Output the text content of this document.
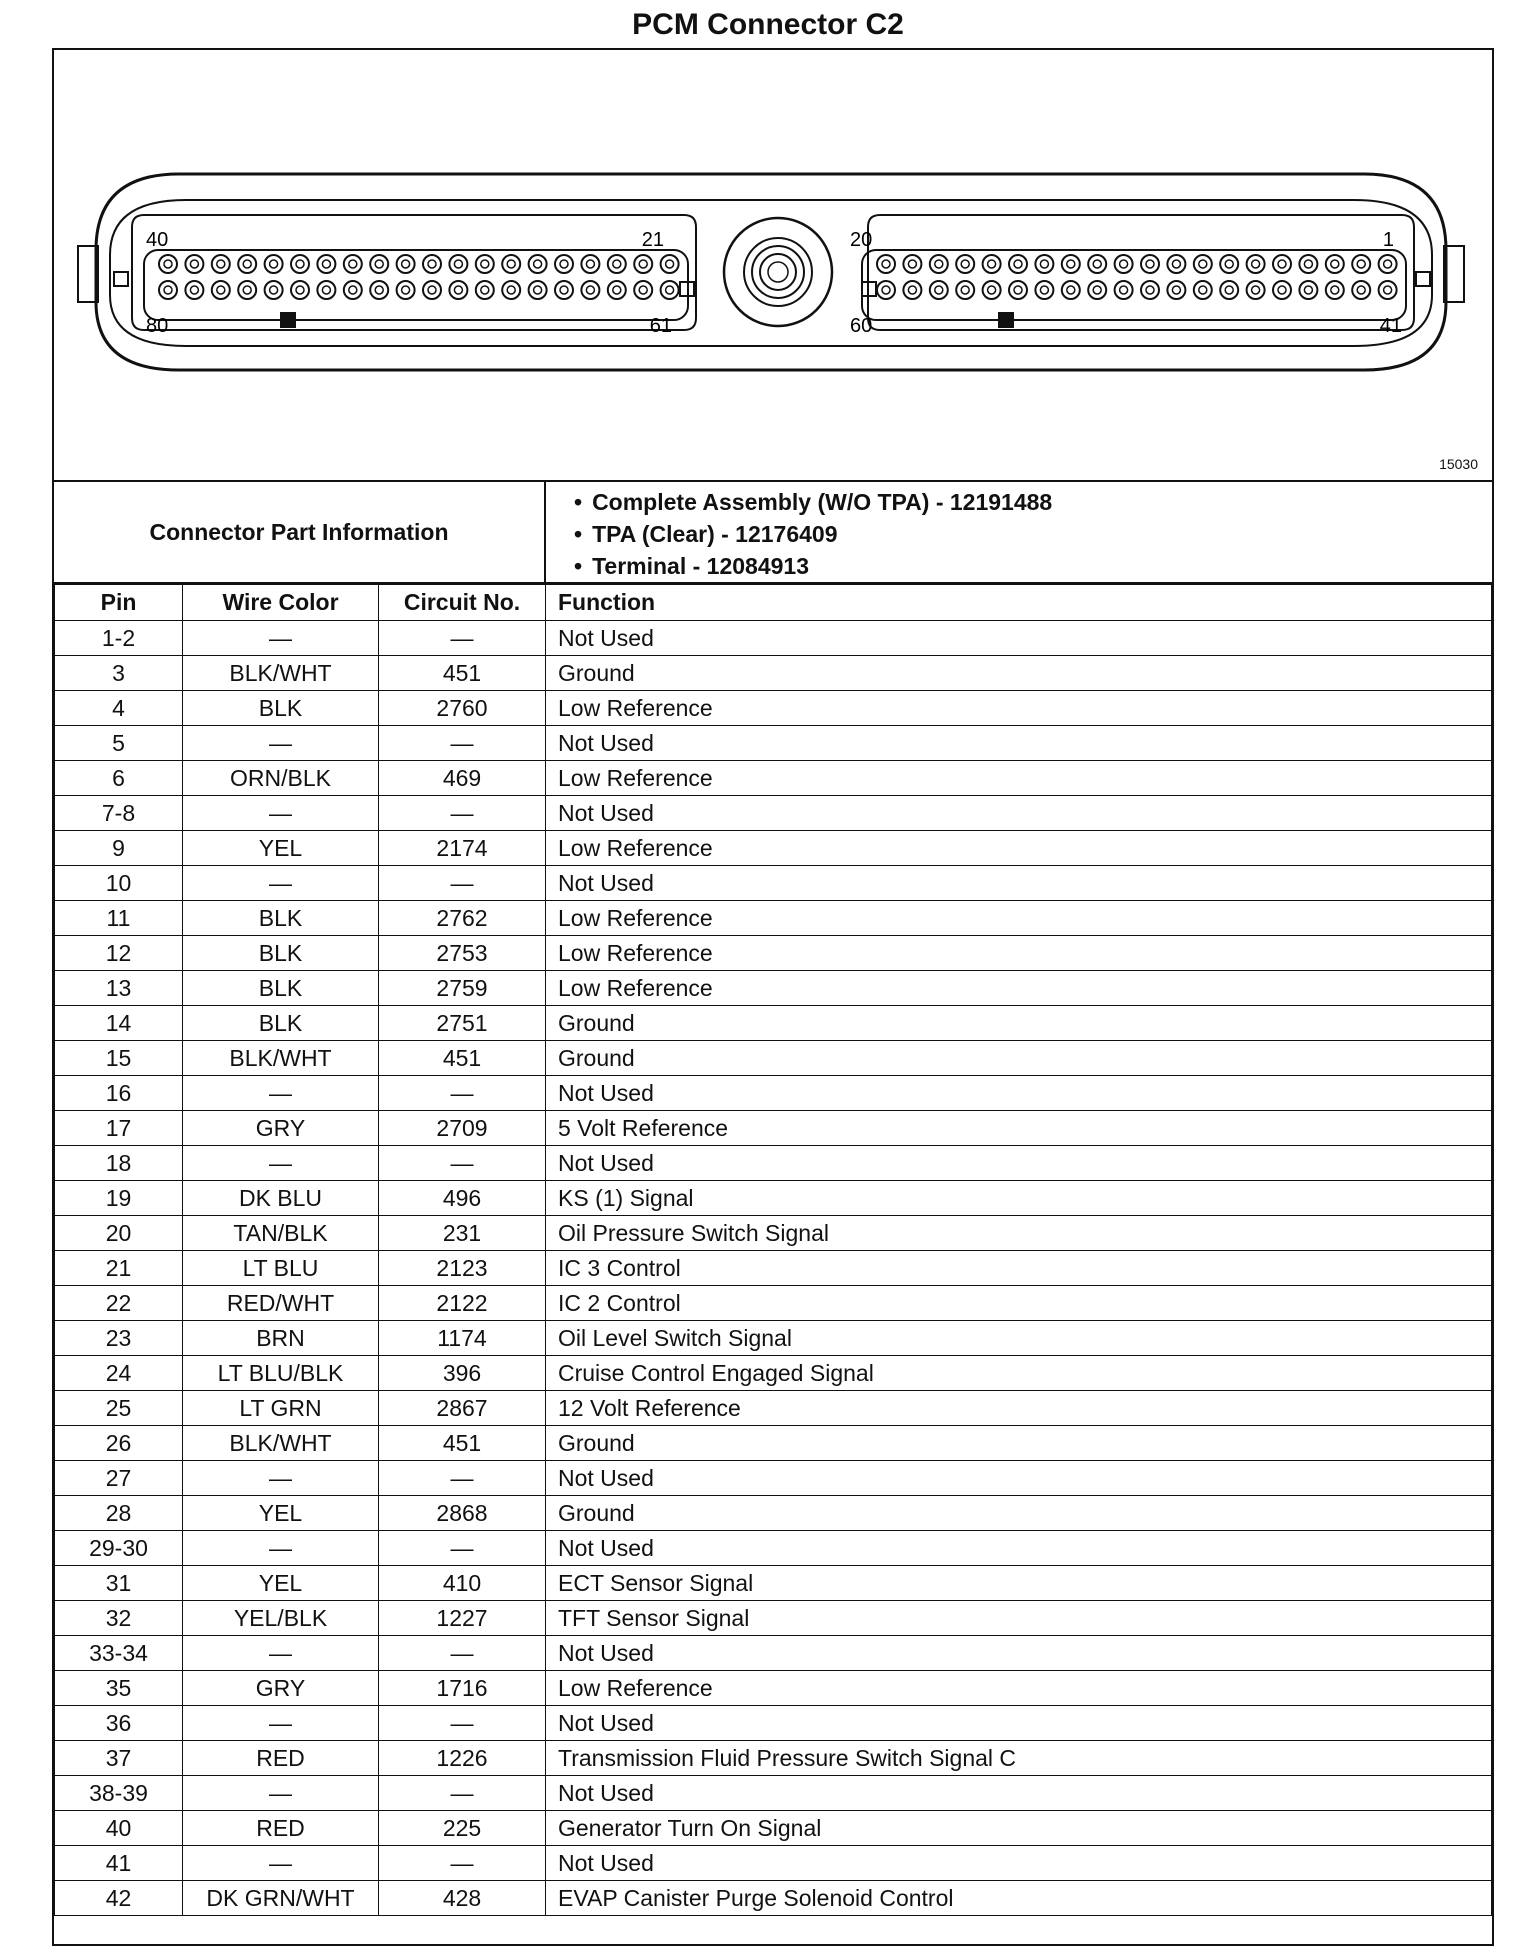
PCM Connector C2
40	21
80	61
20	1
60	41
15030
Connector Part Information
• Complete Assembly (W/O TPA) - 12191488
• TPA (Clear) - 12176409
• Terminal - 12084913
Pin	Wire Color	Circuit No.	Function
1-2	—	—	Not Used
3	BLK/WHT	451	Ground
4	BLK	2760	Low Reference
5	—	—	Not Used
6	ORN/BLK	469	Low Reference
7-8	—	—	Not Used
9	YEL	2174	Low Reference
10	—	—	Not Used
11	BLK	2762	Low Reference
12	BLK	2753	Low Reference
13	BLK	2759	Low Reference
14	BLK	2751	Ground
15	BLK/WHT	451	Ground
16	—	—	Not Used
17	GRY	2709	5 Volt Reference
18	—	—	Not Used
19	DK BLU	496	KS (1) Signal
20	TAN/BLK	231	Oil Pressure Switch Signal
21	LT BLU	2123	IC 3 Control
22	RED/WHT	2122	IC 2 Control
23	BRN	1174	Oil Level Switch Signal
24	LT BLU/BLK	396	Cruise Control Engaged Signal
25	LT GRN	2867	12 Volt Reference
26	BLK/WHT	451	Ground
27	—	—	Not Used
28	YEL	2868	Ground
29-30	—	—	Not Used
31	YEL	410	ECT Sensor Signal
32	YEL/BLK	1227	TFT Sensor Signal
33-34	—	—	Not Used
35	GRY	1716	Low Reference
36	—	—	Not Used
37	RED	1226	Transmission Fluid Pressure Switch Signal C
38-39	—	—	Not Used
40	RED	225	Generator Turn On Signal
41	—	—	Not Used
42	DK GRN/WHT	428	EVAP Canister Purge Solenoid Control
